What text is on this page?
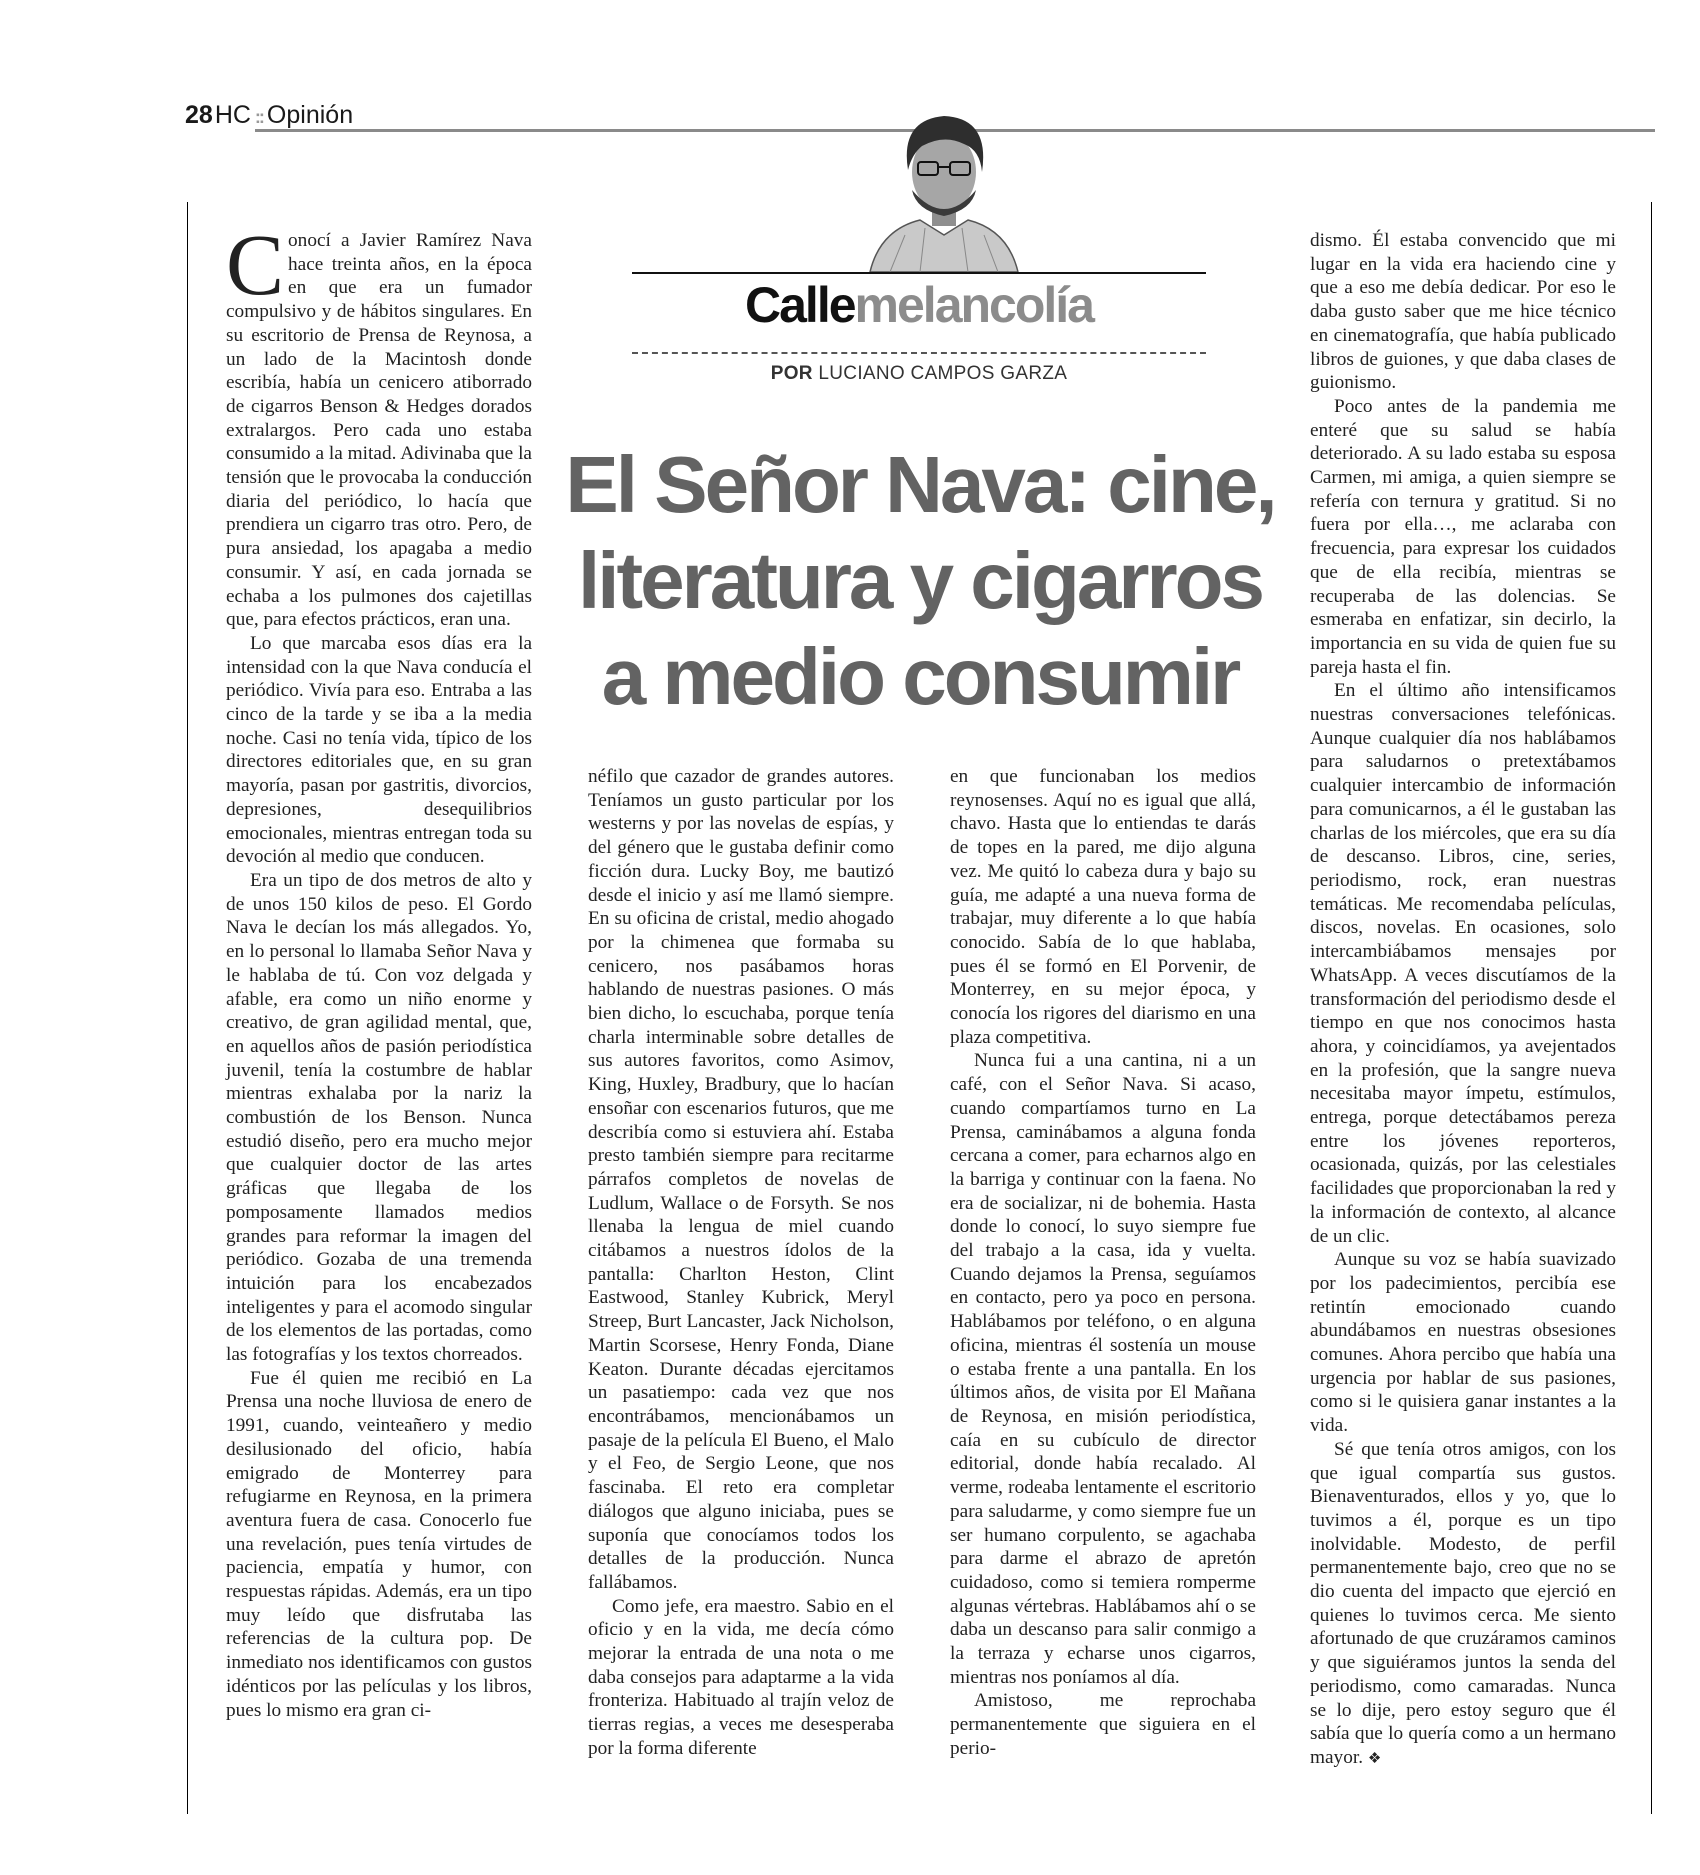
28HC :: Opinión
Callemelancolía
POR LUCIANO CAMPOS GARZA
El Señor Nava: cine, literatura y cigarros a medio consumir

Conocí a Javier Ramírez Nava hace treinta años, en la época en que era un fumador compulsivo y de hábitos singulares. En su escritorio de Prensa de Reynosa, a un lado de la Macintosh donde escribía, había un cenicero atiborrado de cigarros Benson & Hedges dorados extralargos. Pero cada uno estaba consumido a la mitad. Adivinaba que la tensión que le provocaba la conducción diaria del periódico, lo hacía que prendiera un cigarro tras otro. Pero, de pura ansiedad, los apagaba a medio consumir. Y así, en cada jornada se echaba a los pulmones dos cajetillas que, para efectos prácticos, eran una.

Lo que marcaba esos días era la intensidad con la que Nava conducía el periódico. Vivía para eso. Entraba a las cinco de la tarde y se iba a la media noche. Casi no tenía vida, típico de los directores editoriales que, en su gran mayoría, pasan por gastritis, divorcios, depresiones, desequilibrios emocionales, mientras entregan toda su devoción al medio que conducen.

Era un tipo de dos metros de alto y de unos 150 kilos de peso. El Gordo Nava le decían los más allegados. Yo, en lo personal lo llamaba Señor Nava y le hablaba de tú. Con voz delgada y afable, era como un niño enorme y creativo, de gran agilidad mental, que, en aquellos años de pasión periodística juvenil, tenía la costumbre de hablar mientras exhalaba por la nariz la combustión de los Benson. Nunca estudió diseño, pero era mucho mejor que cualquier doctor de las artes gráficas que llegaba de los pomposamente llamados medios grandes para reformar la imagen del periódico. Gozaba de una tremenda intuición para los encabezados inteligentes y para el acomodo singular de los elementos de las portadas, como las fotografías y los textos chorreados.

Fue él quien me recibió en La Prensa una noche lluviosa de enero de 1991, cuando, veinteañero y medio desilusionado del oficio, había emigrado de Monterrey para refugiarme en Reynosa, en la primera aventura fuera de casa. Conocerlo fue una revelación, pues tenía virtudes de paciencia, empatía y humor, con respuestas rápidas. Además, era un tipo muy leído que disfrutaba las referencias de la cultura pop. De inmediato nos identificamos con gustos idénticos por las películas y los libros, pues lo mismo era gran ci-

néfilo que cazador de grandes autores. Teníamos un gusto particular por los westerns y por las novelas de espías, y del género que le gustaba definir como ficción dura. Lucky Boy, me bautizó desde el inicio y así me llamó siempre. En su oficina de cristal, medio ahogado por la chimenea que formaba su cenicero, nos pasábamos horas hablando de nuestras pasiones. O más bien dicho, lo escuchaba, porque tenía charla interminable sobre detalles de sus autores favoritos, como Asimov, King, Huxley, Bradbury, que lo hacían ensoñar con escenarios futuros, que me describía como si estuviera ahí. Estaba presto también siempre para recitarme párrafos completos de novelas de Ludlum, Wallace o de Forsyth. Se nos llenaba la lengua de miel cuando citábamos a nuestros ídolos de la pantalla: Charlton Heston, Clint Eastwood, Stanley Kubrick, Meryl Streep, Burt Lancaster, Jack Nicholson, Martin Scorsese, Henry Fonda, Diane Keaton. Durante décadas ejercitamos un pasatiempo: cada vez que nos encontrábamos, mencionábamos un pasaje de la película El Bueno, el Malo y el Feo, de Sergio Leone, que nos fascinaba. El reto era completar diálogos que alguno iniciaba, pues se suponía que conocíamos todos los detalles de la producción. Nunca fallábamos.

Como jefe, era maestro. Sabio en el oficio y en la vida, me decía cómo mejorar la entrada de una nota o me daba consejos para adaptarme a la vida fronteriza. Habituado al trajín veloz de tierras regias, a veces me desesperaba por la forma diferente

en que funcionaban los medios reynosenses. Aquí no es igual que allá, chavo. Hasta que lo entiendas te darás de topes en la pared, me dijo alguna vez. Me quitó lo cabeza dura y bajo su guía, me adapté a una nueva forma de trabajar, muy diferente a lo que había conocido. Sabía de lo que hablaba, pues él se formó en El Porvenir, de Monterrey, en su mejor época, y conocía los rigores del diarismo en una plaza competitiva.

Nunca fui a una cantina, ni a un café, con el Señor Nava. Si acaso, cuando compartíamos turno en La Prensa, caminábamos a alguna fonda cercana a comer, para echarnos algo en la barriga y continuar con la faena. No era de socializar, ni de bohemia. Hasta donde lo conocí, lo suyo siempre fue del trabajo a la casa, ida y vuelta. Cuando dejamos la Prensa, seguíamos en contacto, pero ya poco en persona. Hablábamos por teléfono, o en alguna oficina, mientras él sostenía un mouse o estaba frente a una pantalla. En los últimos años, de visita por El Mañana de Reynosa, en misión periodística, caía en su cubículo de director editorial, donde había recalado. Al verme, rodeaba lentamente el escritorio para saludarme, y como siempre fue un ser humano corpulento, se agachaba para darme el abrazo de apretón cuidadoso, como si temiera romperme algunas vértebras. Hablábamos ahí o se daba un descanso para salir conmigo a la terraza y echarse unos cigarros, mientras nos poníamos al día.

Amistoso, me reprochaba permanentemente que siguiera en el perio-

dismo. Él estaba convencido que mi lugar en la vida era haciendo cine y que a eso me debía dedicar. Por eso le daba gusto saber que me hice técnico en cinematografía, que había publicado libros de guiones, y que daba clases de guionismo.

Poco antes de la pandemia me enteré que su salud se había deteriorado. A su lado estaba su esposa Carmen, mi amiga, a quien siempre se refería con ternura y gratitud. Si no fuera por ella…, me aclaraba con frecuencia, para expresar los cuidados que de ella recibía, mientras se recuperaba de las dolencias. Se esmeraba en enfatizar, sin decirlo, la importancia en su vida de quien fue su pareja hasta el fin.

En el último año intensificamos nuestras conversaciones telefónicas. Aunque cualquier día nos hablábamos para saludarnos o pretextábamos cualquier intercambio de información para comunicarnos, a él le gustaban las charlas de los miércoles, que era su día de descanso. Libros, cine, series, periodismo, rock, eran nuestras temáticas. Me recomendaba películas, discos, novelas. En ocasiones, solo intercambiábamos mensajes por WhatsApp. A veces discutíamos de la transformación del periodismo desde el tiempo en que nos conocimos hasta ahora, y coincidíamos, ya avejentados en la profesión, que la sangre nueva necesitaba mayor ímpetu, estímulos, entrega, porque detectábamos pereza entre los jóvenes reporteros, ocasionada, quizás, por las celestiales facilidades que proporcionaban la red y la información de contexto, al alcance de un clic.

Aunque su voz se había suavizado por los padecimientos, percibía ese retintín emocionado cuando abundábamos en nuestras obsesiones comunes. Ahora percibo que había una urgencia por hablar de sus pasiones, como si le quisiera ganar instantes a la vida.

Sé que tenía otros amigos, con los que igual compartía sus gustos. Bienaventurados, ellos y yo, que lo tuvimos a él, porque es un tipo inolvidable. Modesto, de perfil permanentemente bajo, creo que no se dio cuenta del impacto que ejerció en quienes lo tuvimos cerca. Me siento afortunado de que cruzáramos caminos y que siguiéramos juntos la senda del periodismo, como camaradas. Nunca se lo dije, pero estoy seguro que él sabía que lo quería como a un hermano mayor. ❖
